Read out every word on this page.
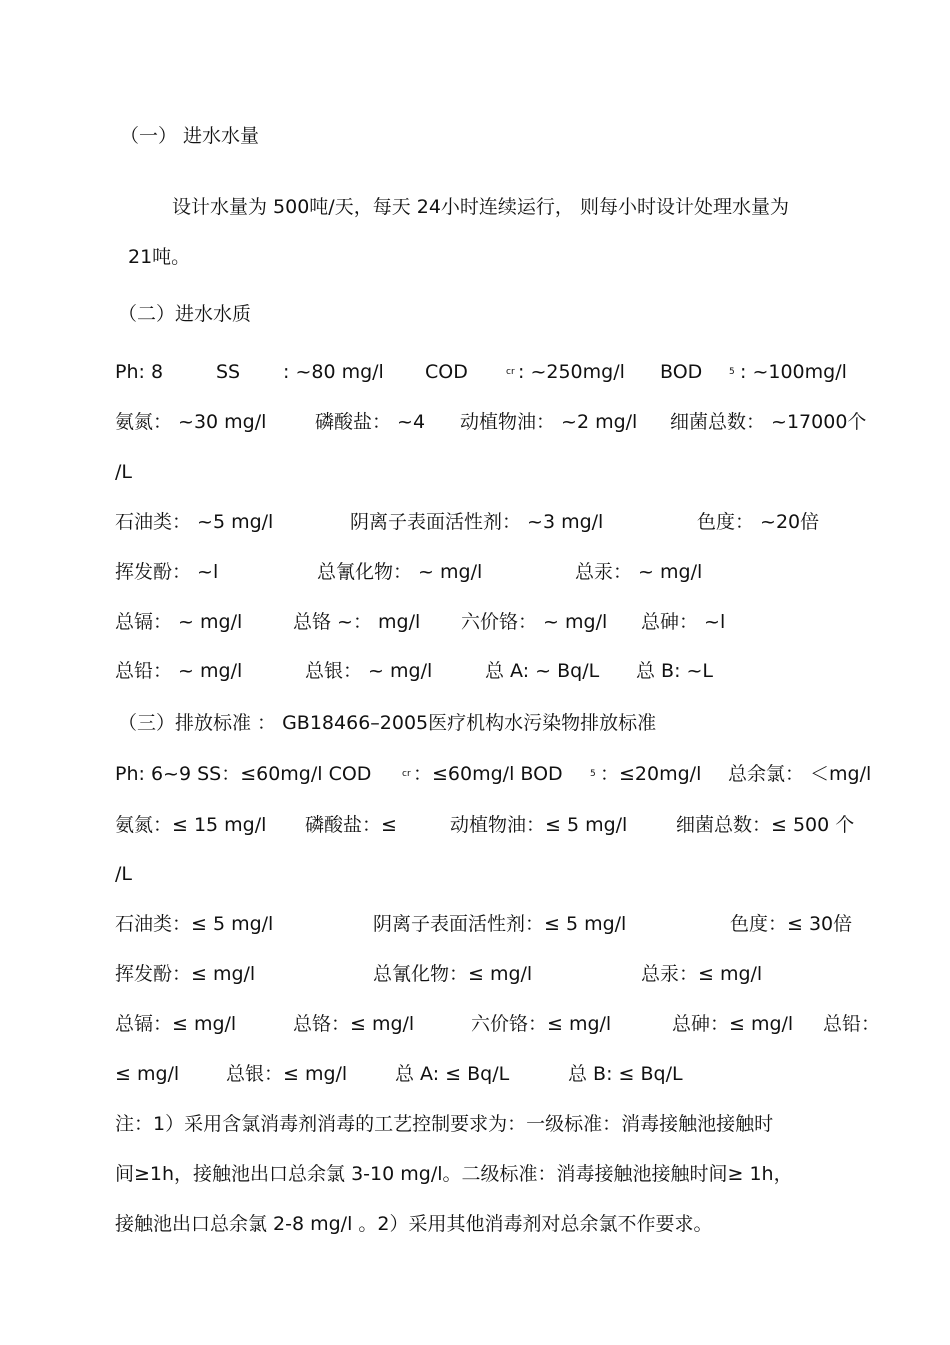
（一） 进水水量
设计水量为 500吨/天，每天 24小时连续运行， 则每小时设计处理水量为
21吨。
（二）进水水质
Ph: 8	SS : ~80 mg/l COD	cr : ~250mg/l BOD	5 : ~100mg/l
氨氮： ~30 mg/l	磷酸盐： ~4 动植物油： ~2 mg/l 细菌总数： ~17000个
/L
石油类： ~5 mg/l	阴离子表面活性剂： ~3 mg/l	色度： ~20倍
挥发酚： ~l	总氰化物： ~ mg/l	总汞： ~ mg/l
总镉： ~ mg/l	总铬 ~： mg/l 六价铬： ~ mg/l 总砷： ~l
总铅： ~ mg/l	总银： ~ mg/l	总 A: ~ Bq/L 总 B: ~L
（三）排放标准 ： GB18466–2005医疗机构水污染物排放标准
Ph: 6~9 SS：≤60mg/l COD	cr ：≤60mg/l BOD	5 ：≤20mg/l 总余氯： ＜mg/l
氨氮：≤ 15 mg/l 磷酸盐：≤	动植物油：≤ 5 mg/l	细菌总数：≤ 500 个
/L
石油类：≤ 5 mg/l	阴离子表面活性剂：≤ 5 mg/l	色度：≤ 30倍
挥发酚：≤ mg/l	总氰化物：≤ mg/l	总汞：≤ mg/l
总镉：≤ mg/l	总铬：≤ mg/l	六价铬：≤ mg/l	总砷：≤ mg/l 总铅：
≤ mg/l 总银：≤ mg/l	总 A: ≤ Bq/L	总 B: ≤ Bq/L
注：1）采用含氯消毒剂消毒的工艺控制要求为：一级标准：消毒接触池接触时
间≥1h，接触池出口总余氯 3-10 mg/l。二级标准：消毒接触池接触时间≥ 1h，
接触池出口总余氯 2-8 mg/l 。2）采用其他消毒剂对总余氯不作要求。
